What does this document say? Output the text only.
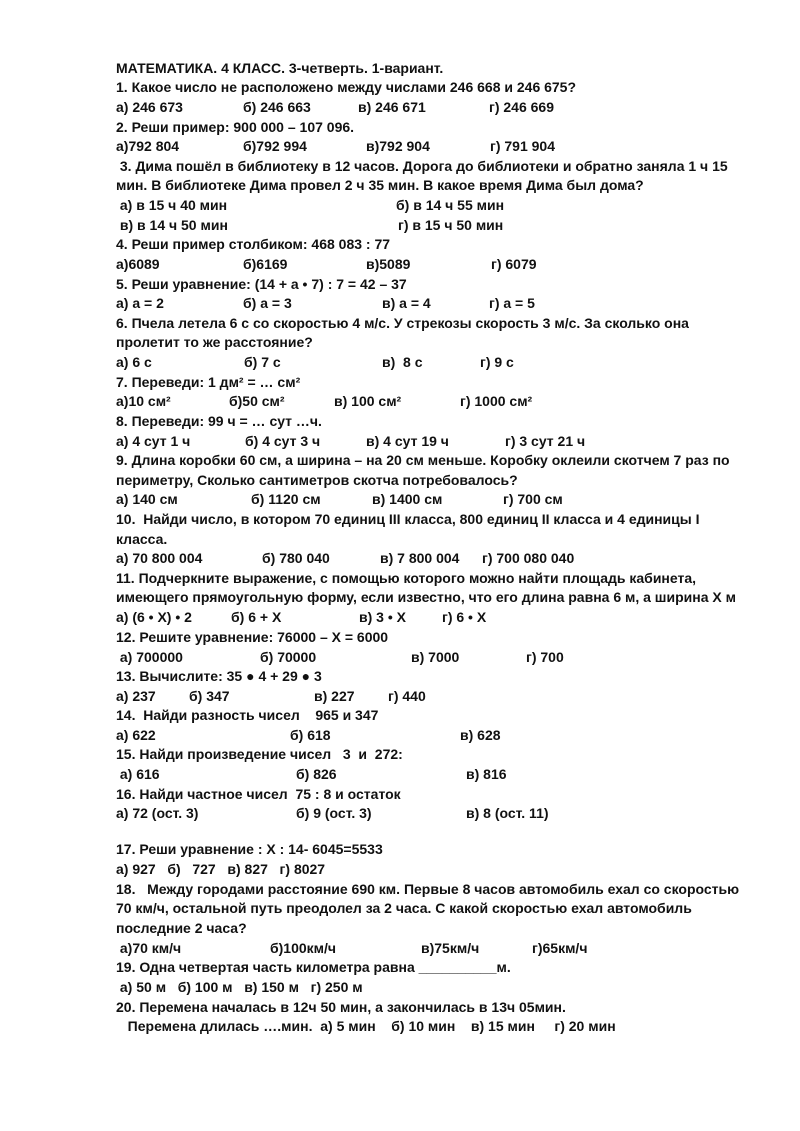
МАТЕМАТИКА. 4 КЛАСС. 3-четверть. 1-вариант.
1. Какое число не расположено между числами 246 668 и 246 675?
а) 246 673	б) 246 663	в) 246 671	г) 246 669
2. Реши пример: 900 000 – 107 096.
а)792 804	б)792 994	в)792 904	г) 791 904
3. Дима пошёл в библиотеку в 12 часов. Дорога до библиотеки и обратно заняла 1 ч 15
мин. В библиотеке Дима провел 2 ч 35 мин. В какое время Дима был дома?
а) в 15 ч 40 мин	б) в 14 ч 55 мин
в) в 14 ч 50 мин	г) в 15 ч 50 мин
4. Реши пример столбиком: 468 083 : 77
а)6089	б)6169	в)5089	г) 6079
5. Реши уравнение: (14 + а • 7) : 7 = 42 – 37
а) а = 2	б) а = 3	в) а = 4	г) а = 5
6. Пчела летела 6 с со скоростью 4 м/с. У стрекозы скорость 3 м/с. За сколько она
пролетит то же расстояние?
а) 6 с	б) 7 с	в)  8 с	г) 9 с
7. Переведи: 1 дм² = … см²
а)10 см²	б)50 см²	в) 100 см²	г) 1000 см²
8. Переведи: 99 ч = … сут …ч.
а) 4 сут 1 ч	б) 4 сут 3 ч	в) 4 сут 19 ч	г) 3 сут 21 ч
9. Длина коробки 60 см, а ширина – на 20 см меньше. Коробку оклеили скотчем 7 раз по
периметру, Сколько сантиметров скотча потребовалось?
а) 140 см	б) 1120 см	в) 1400 см	г) 700 см
10.  Найди число, в котором 70 единиц III класса, 800 единиц II класса и 4 единицы I
класса.
а) 70 800 004	б) 780 040	в) 7 800 004 г) 700 080 040
11. Подчеркните выражение, с помощью которого можно найти площадь кабинета,
имеющего прямоугольную форму, если известно, что его длина равна 6 м, а ширина Х м
а) (6 • Х) • 2	б) 6 + Х	в) 3 • Х	г) 6 • Х
12. Решите уравнение: 76000 – Х = 6000
а) 700000	б) 70000	в) 7000	г) 700
13. Вычислите: 35 ● 4 + 29 ● 3
а) 237 б) 347	в) 227 г) 440
14.  Найди разность чисел    965 и 347
а) 622	б) 618	в) 628
15. Найди произведение чисел   3  и  272:
а) 616	б) 826	в) 816
16. Найди частное чисел  75 : 8 и остаток
а) 72 (ост. 3)	б) 9 (ост. 3)	в) 8 (ост. 11)
17. Реши уравнение : Х : 14- 6045=5533
а) 927   б)   727   в) 827   г) 8027
18.   Между городами расстояние 690 км. Первые 8 часов автомобиль ехал со скоростью
70 км/ч, остальной путь преодолел за 2 часа. С какой скоростью ехал автомобиль
последние 2 часа?
а)70 км/ч	б)100км/ч	в)75км/ч	г)65км/ч
19. Одна четвертая часть километра равна __________м.
а) 50 м   б) 100 м   в) 150 м   г) 250 м
20. Перемена началась в 12ч 50 мин, а закончилась в 13ч 05мин.
Перемена длилась ….мин.  а) 5 мин    б) 10 мин    в) 15 мин     г) 20 мин
